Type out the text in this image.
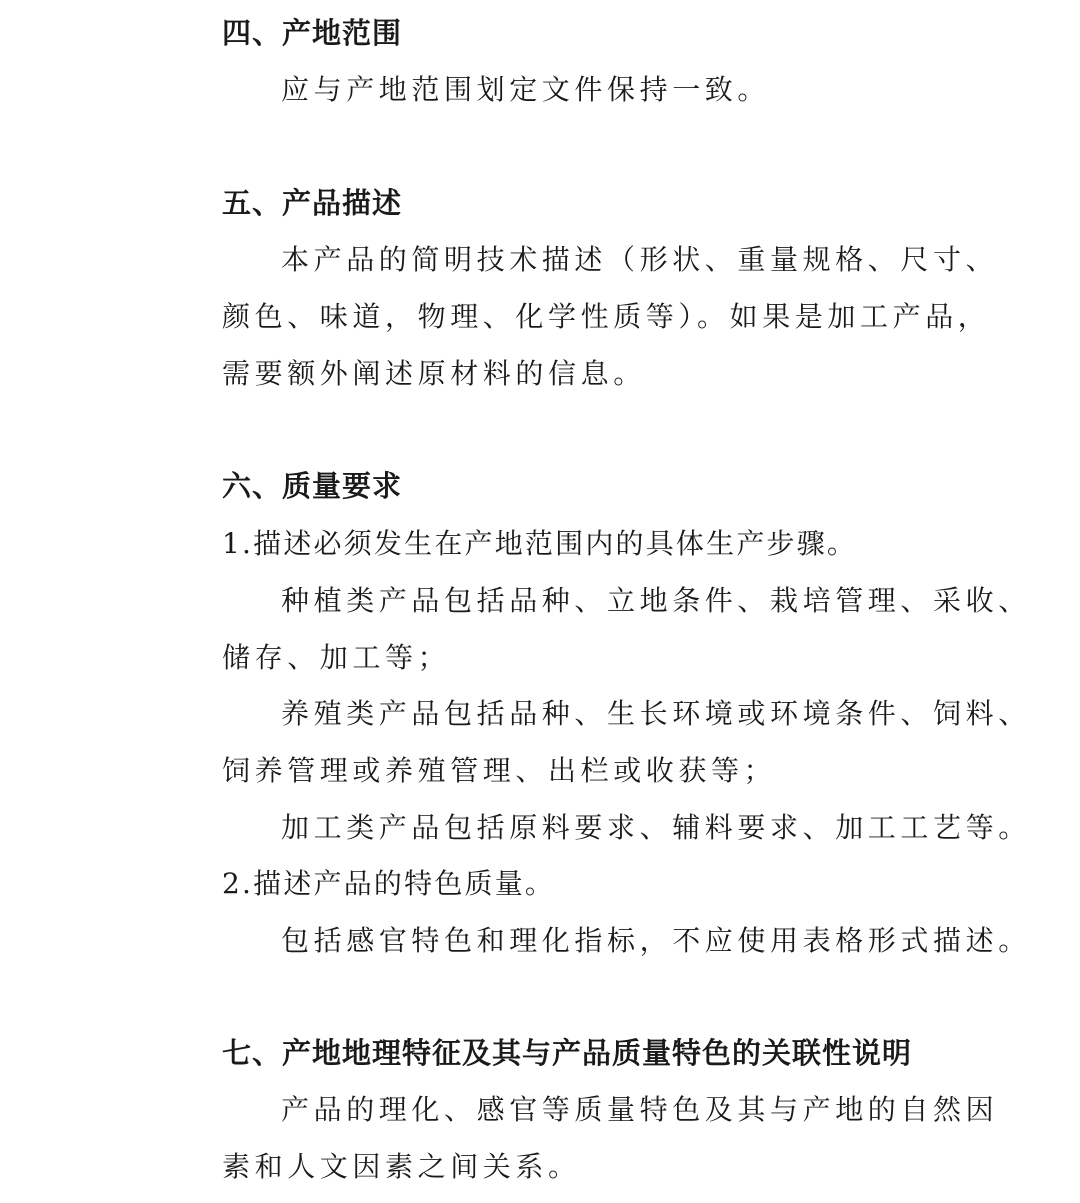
四、产地范围
应与产地范围划定文件保持一致。
五、产品描述
本产品的简明技术描述（形状、重量规格、尺寸、
颜色、味道，物理、化学性质等）。如果是加工产品，
需要额外阐述原材料的信息。
六、质量要求
1.描述必须发生在产地范围内的具体生产步骤。
种植类产品包括品种、立地条件、栽培管理、采收、
储存、加工等；
养殖类产品包括品种、生长环境或环境条件、饲料、
饲养管理或养殖管理、出栏或收获等；
加工类产品包括原料要求、辅料要求、加工工艺等。
2.描述产品的特色质量。
包括感官特色和理化指标，不应使用表格形式描述。
七、产地地理特征及其与产品质量特色的关联性说明
产品的理化、感官等质量特色及其与产地的自然因
素和人文因素之间关系。
